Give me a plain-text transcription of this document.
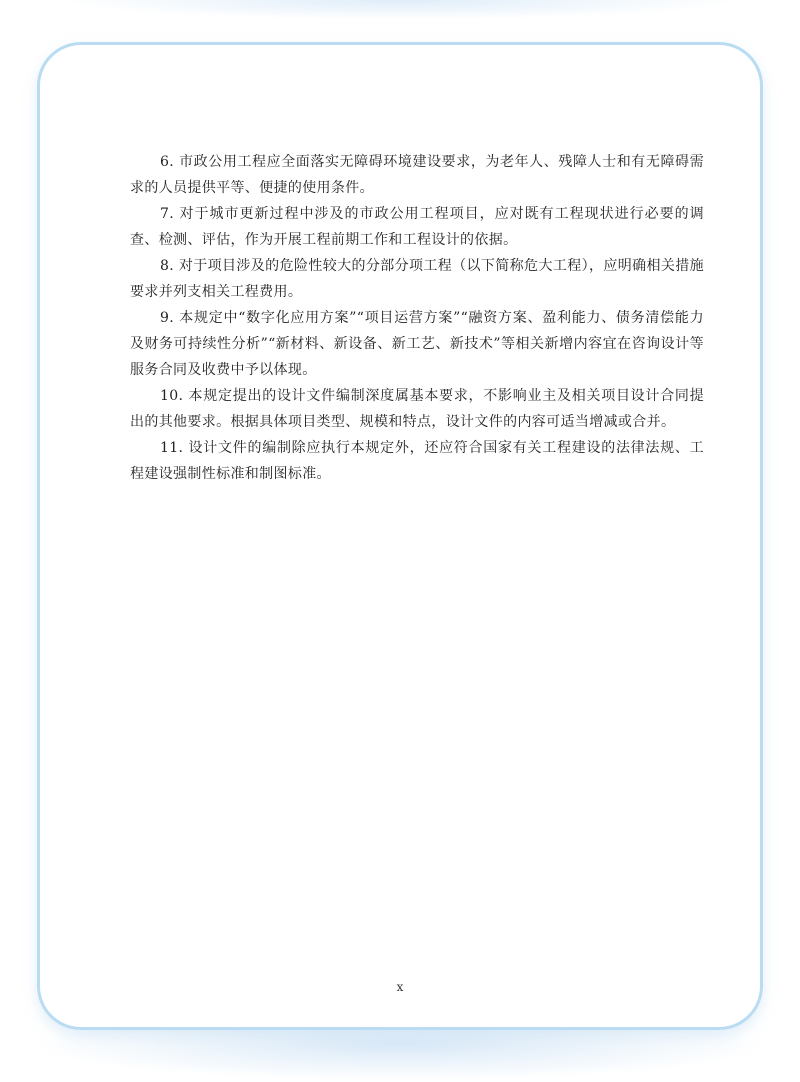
6. 市政公用工程应全面落实无障碍环境建设要求，为老年人、残障人士和有无障碍需求的人员提供平等、便捷的使用条件。

7. 对于城市更新过程中涉及的市政公用工程项目，应对既有工程现状进行必要的调查、检测、评估，作为开展工程前期工作和工程设计的依据。

8. 对于项目涉及的危险性较大的分部分项工程（以下简称危大工程），应明确相关措施要求并列支相关工程费用。

9. 本规定中“数字化应用方案”“项目运营方案”“融资方案、盈利能力、债务清偿能力及财务可持续性分析”“新材料、新设备、新工艺、新技术”等相关新增内容宜在咨询设计等服务合同及收费中予以体现。

10. 本规定提出的设计文件编制深度属基本要求，不影响业主及相关项目设计合同提出的其他要求。根据具体项目类型、规模和特点，设计文件的内容可适当增减或合并。

11. 设计文件的编制除应执行本规定外，还应符合国家有关工程建设的法律法规、工程建设强制性标准和制图标准。

x
